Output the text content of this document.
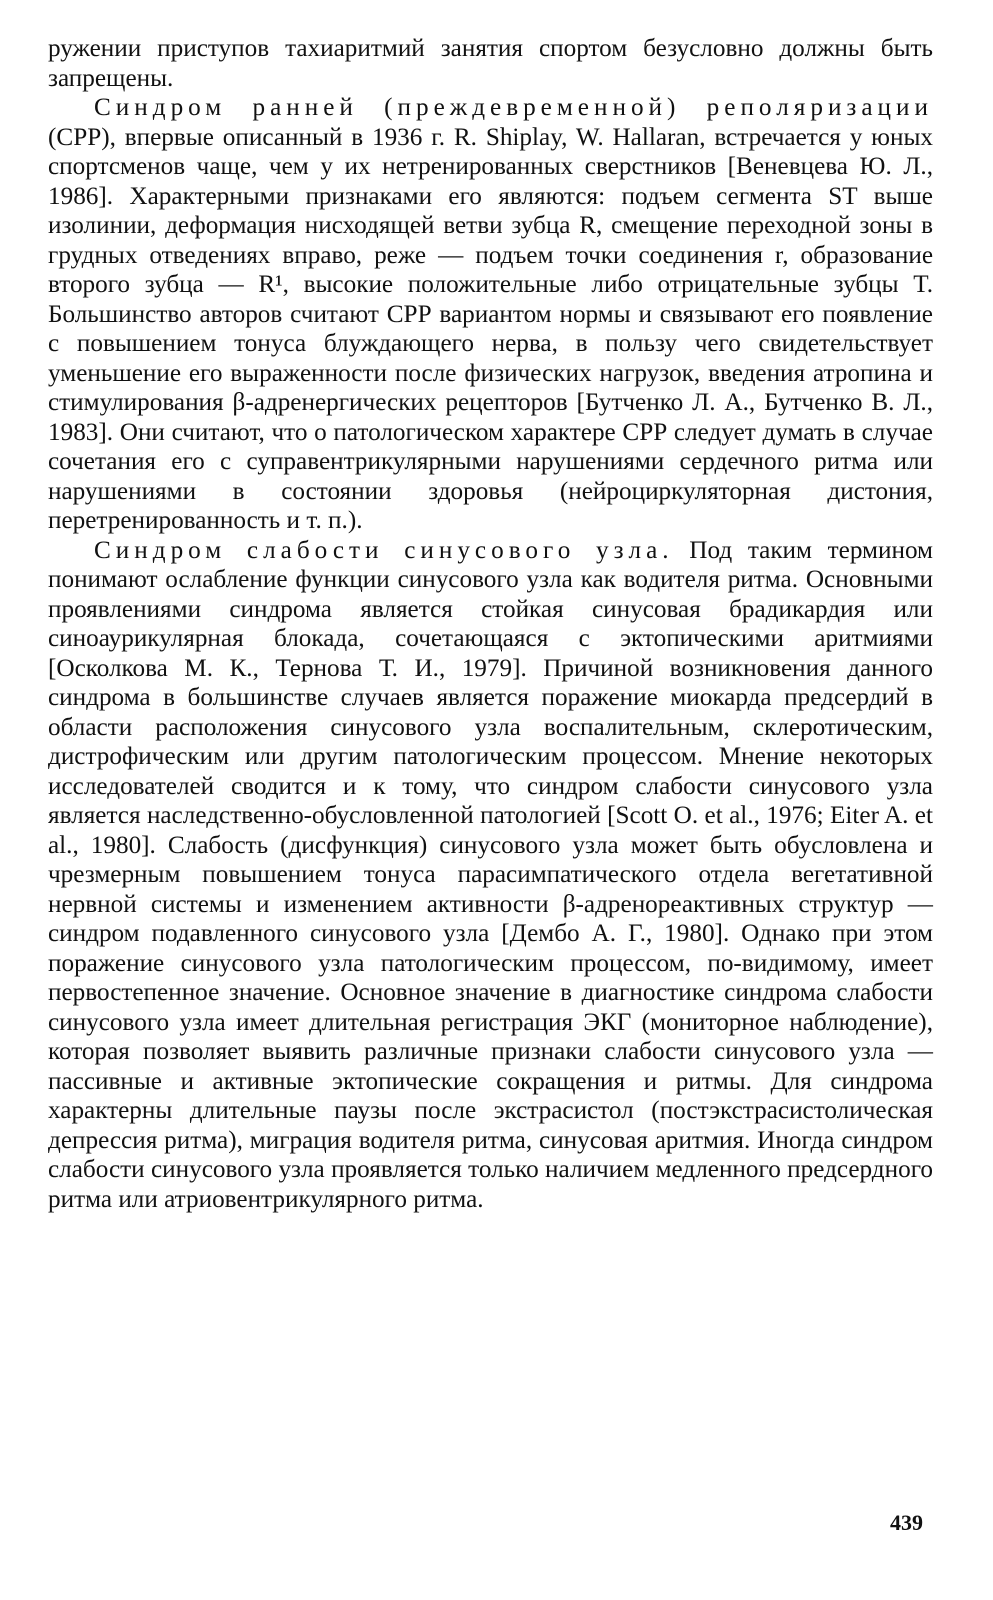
ружении приступов тахиаритмий занятия спортом безусловно должны быть запрещены.

Синдром ранней (преждевременной) реполяризации (СРР), впервые описанный в 1936 г. R. Shiplay, W. Hallaran, встречается у юных спортсменов чаще, чем у их нетренированных сверстников [Веневцева Ю. Л., 1986]. Характерными признаками его являются: подъем сегмента ST выше изолинии, деформация нисходящей ветви зубца R, смещение переходной зоны в грудных отведениях вправо, реже — подъем точки соединения r, образование второго зубца — R¹, высокие положительные либо отрицательные зубцы T. Большинство авторов считают СРР вариантом нормы и связывают его появление с повышением тонуса блуждающего нерва, в пользу чего свидетельствует уменьшение его выраженности после физических нагрузок, введения атропина и стимулирования β-адренергических рецепторов [Бутченко Л. А., Бутченко В. Л., 1983]. Они считают, что о патологическом характере СРР следует думать в случае сочетания его с суправентрикулярными нарушениями сердечного ритма или нарушениями в состоянии здоровья (нейроциркуляторная дистония, перетренированность и т. п.).

Синдром слабости синусового узла. Под таким термином понимают ослабление функции синусового узла как водителя ритма. Основными проявлениями синдрома является стойкая синусовая брадикардия или синоаурикулярная блокада, сочетающаяся с эктопическими аритмиями [Осколкова М. К., Тернова Т. И., 1979]. Причиной возникновения данного синдрома в большинстве случаев является поражение миокарда предсердий в области расположения синусового узла воспалительным, склеротическим, дистрофическим или другим патологическим процессом. Мнение некоторых исследователей сводится и к тому, что синдром слабости синусового узла является наследственно-обусловленной патологией [Scott O. et al., 1976; Eiter A. et al., 1980]. Слабость (дисфункция) синусового узла может быть обусловлена и чрезмерным повышением тонуса парасимпатического отдела вегетативной нервной системы и изменением активности β-адренореактивных структур — синдром подавленного синусового узла [Дембо А. Г., 1980]. Однако при этом поражение синусового узла патологическим процессом, по-видимому, имеет первостепенное значение. Основное значение в диагностике синдрома слабости синусового узла имеет длительная регистрация ЭКГ (мониторное наблюдение), которая позволяет выявить различные признаки слабости синусового узла — пассивные и активные эктопические сокращения и ритмы. Для синдрома характерны длительные паузы после экстрасистол (постэкстрасистолическая депрессия ритма), миграция водителя ритма, синусовая аритмия. Иногда синдром слабости синусового узла проявляется только наличием медленного предсердного ритма или атриовентрикулярного ритма.

439
